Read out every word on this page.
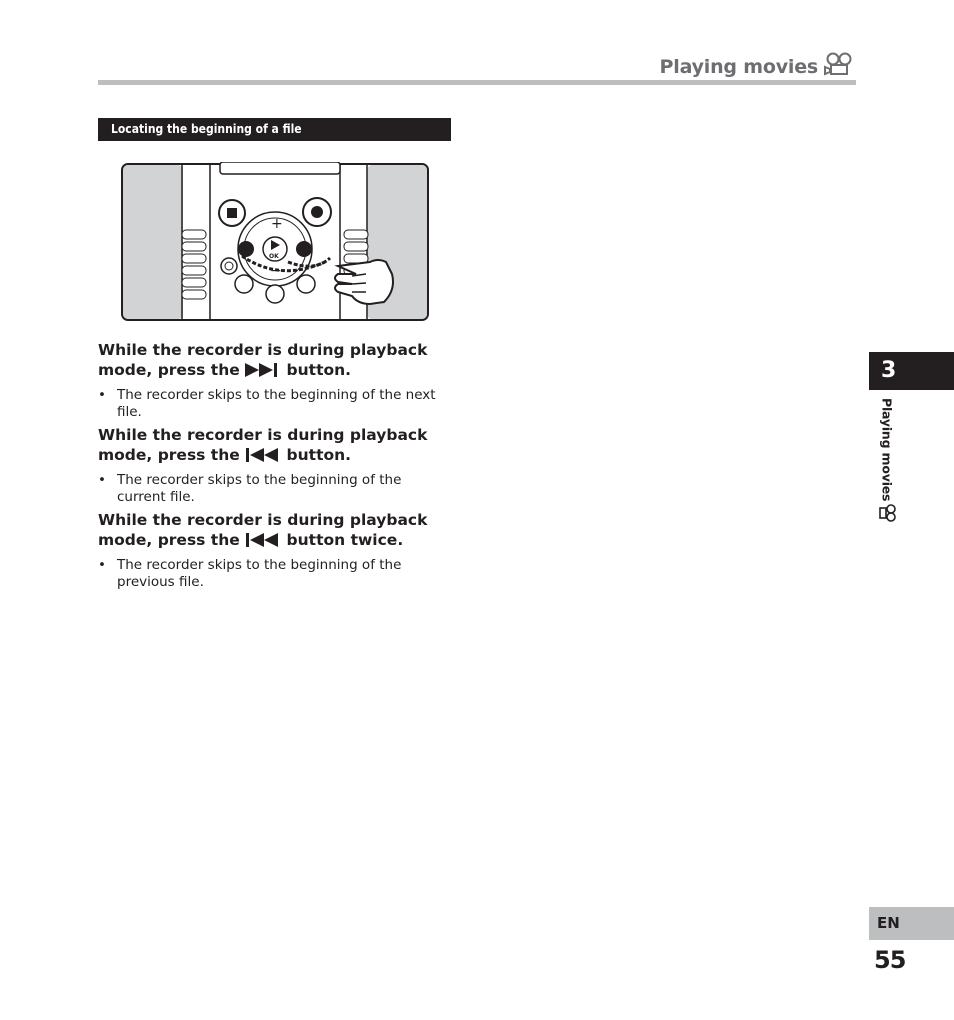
Playing movies
Locating the beginning of a file
+
−
OK

While the recorder is during playback mode, press the  button.

• The recorder skips to the beginning of the next file.

While the recorder is during playback mode, press the  button.

• The recorder skips to the beginning of the current file.

While the recorder is during playback mode, press the  button twice.

• The recorder skips to the beginning of the previous file.
3
Playing movies
EN
55
